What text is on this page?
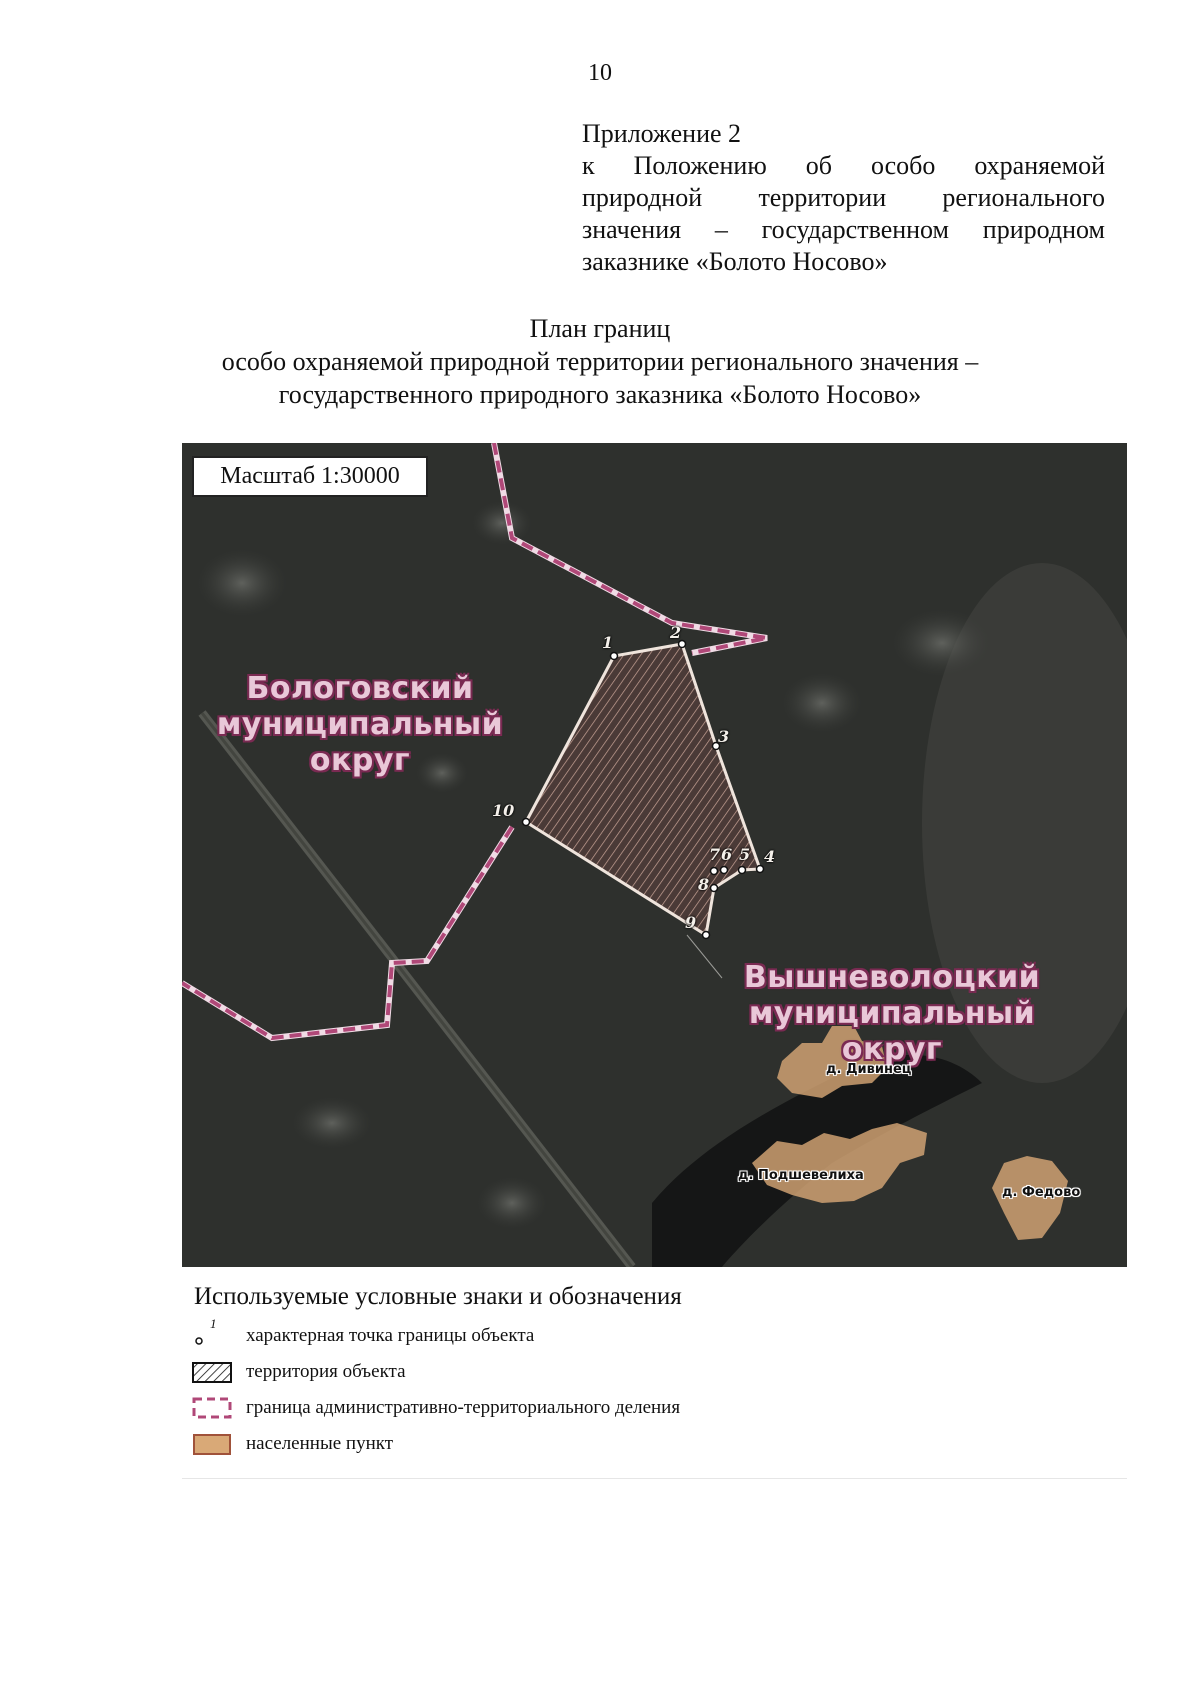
10
Приложение 2
к Положению об особо охраняемой
природной территории регионального
значения – государственном природном
заказнике «Болото Носово»
План границ
особо охраняемой природной территории регионального значения –
государственного природного заказника «Болото Носово»
Масштаб 1:30000
Бологовский
муниципальный округ
Вышневолоцкий
муниципальный округ
1
2
3
4
5
6
7
8
9
10
д. Дивинец
д. Подшевелиха
д. Федово
Используемые условные знаки и обозначения
1
характерная точка границы объекта
территория объекта
граница административно-территориального деления
населенные пункт
